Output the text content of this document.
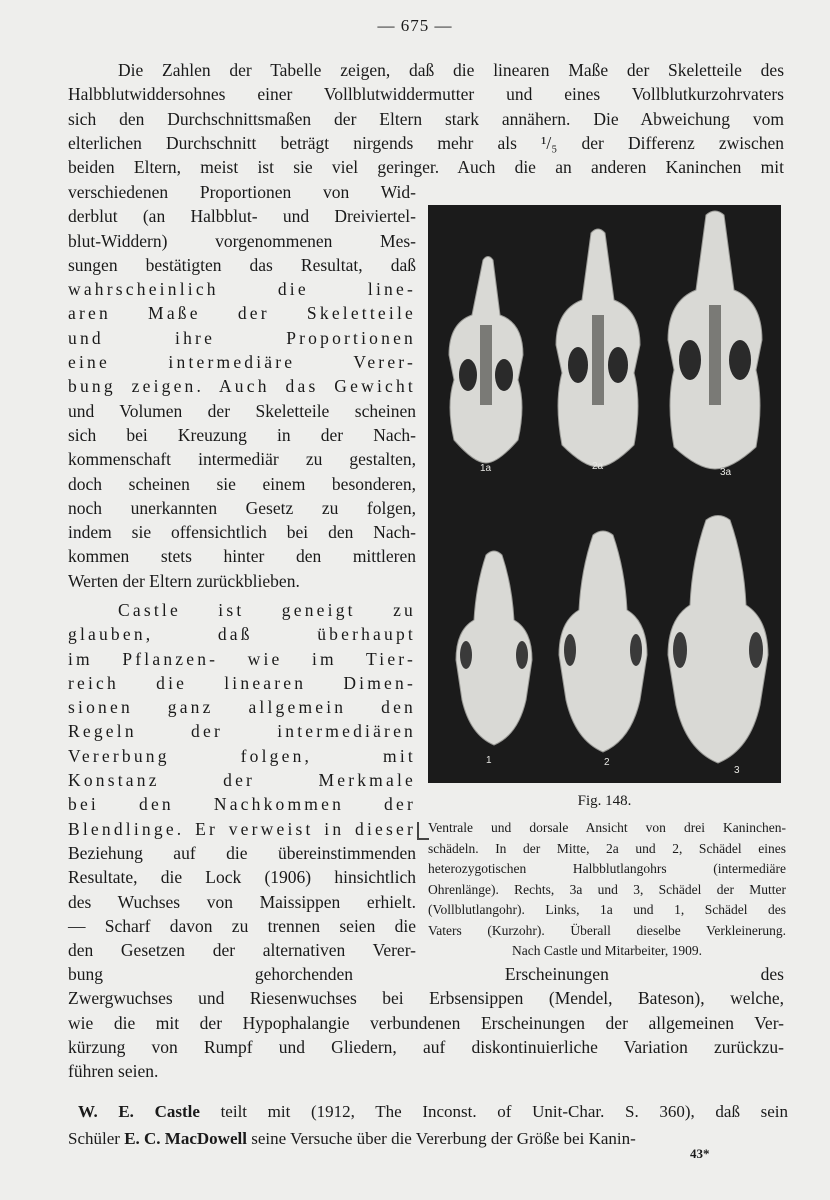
— 675 —
Die Zahlen der Tabelle zeigen, daß die linearen Maße der Skeletteile des
Halbblutwiddersohnes einer Vollblutwiddermutter und eines Vollblutkurzohrvaters
sich den Durchschnittsmaßen der Eltern stark annähern. Die Abweichung vom
elterlichen Durchschnitt beträgt nirgends mehr als ¹/₅ der Differenz zwischen
beiden Eltern, meist ist sie viel geringer. Auch die an anderen Kaninchen mit
verschiedenen Proportionen von Wid-
derblut (an Halbblut- und Dreiviertel-
blut-Widdern) vorgenommenen Mes-
sungen bestätigten das Resultat, daß
wahrscheinlich die line-
aren Maße der Skeletteile
und ihre Proportionen
eine intermediäre Verer-
bung zeigen. Auch das Gewicht
und Volumen der Skeletteile scheinen
sich bei Kreuzung in der Nach-
kommenschaft intermediär zu gestalten,
doch scheinen sie einem besonderen,
noch unerkannten Gesetz zu folgen,
indem sie offensichtlich bei den Nach-
kommen stets hinter den mittleren
Werten der Eltern zurückblieben.
Castle ist geneigt zu
glauben, daß überhaupt
im Pflanzen- wie im Tier-
reich die linearen Dimen-
sionen ganz allgemein den
Regeln der intermediären
Vererbung folgen, mit
Konstanz der Merkmale
bei den Nachkommen der
Blendlinge. Er verweist in dieser
Beziehung auf die übereinstimmenden
Resultate, die Lock (1906) hinsichtlich
des Wuchses von Maissippen erhielt.
— Scharf davon zu trennen seien die
den Gesetzen der alternativen Verer-
bung gehorchenden Erscheinungen des
Zwergwuchses und Riesenwuchses bei Erbsensippen (Mendel, Bateson), welche,
wie die mit der Hypophalangie verbundenen Erscheinungen der allgemeinen Ver-
kürzung von Rumpf und Gliedern, auf diskontinuierliche Variation zurückzu-
führen seien.
1a	2a
3a
1	2
3
Fig. 148.
Ventrale und dorsale Ansicht von drei Kaninchen-
schädeln. In der Mitte, 2a und 2, Schädel eines
heterozygotischen Halbblutlangohrs (intermediäre
Ohrenlänge). Rechts, 3a und 3, Schädel der Mutter
(Vollblutlangohr). Links, 1a und 1, Schädel des
Vaters (Kurzohr). Überall dieselbe Verkleinerung.
Nach Castle und Mitarbeiter, 1909.
W. E. Castle teilt mit (1912, The Inconst. of Unit-Char. S. 360), daß sein
Schüler E. C. MacDowell seine Versuche über die Vererbung der Größe bei Kanin-
43*
